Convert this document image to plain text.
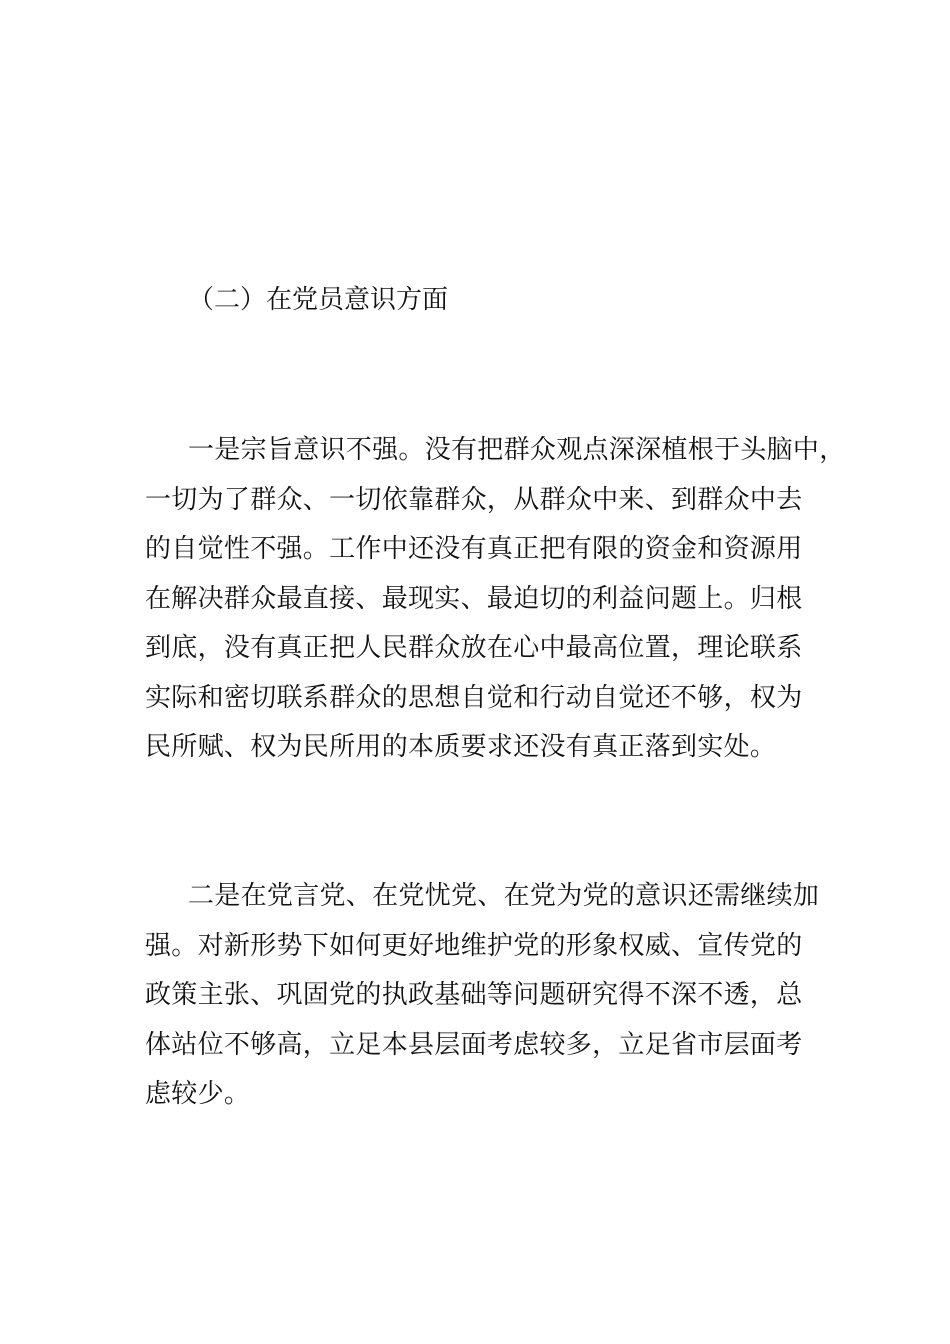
（二）在党员意识方面
一是宗旨意识不强。没有把群众观点深深植根于头脑中，
一切为了群众、一切依靠群众，从群众中来、到群众中去
的自觉性不强。工作中还没有真正把有限的资金和资源用
在解决群众最直接、最现实、最迫切的利益问题上。归根
到底，没有真正把人民群众放在心中最高位置，理论联系
实际和密切联系群众的思想自觉和行动自觉还不够，权为
民所赋、权为民所用的本质要求还没有真正落到实处。
二是在党言党、在党忧党、在党为党的意识还需继续加
强。对新形势下如何更好地维护党的形象权威、宣传党的
政策主张、巩固党的执政基础等问题研究得不深不透，总
体站位不够高，立足本县层面考虑较多，立足省市层面考
虑较少。
